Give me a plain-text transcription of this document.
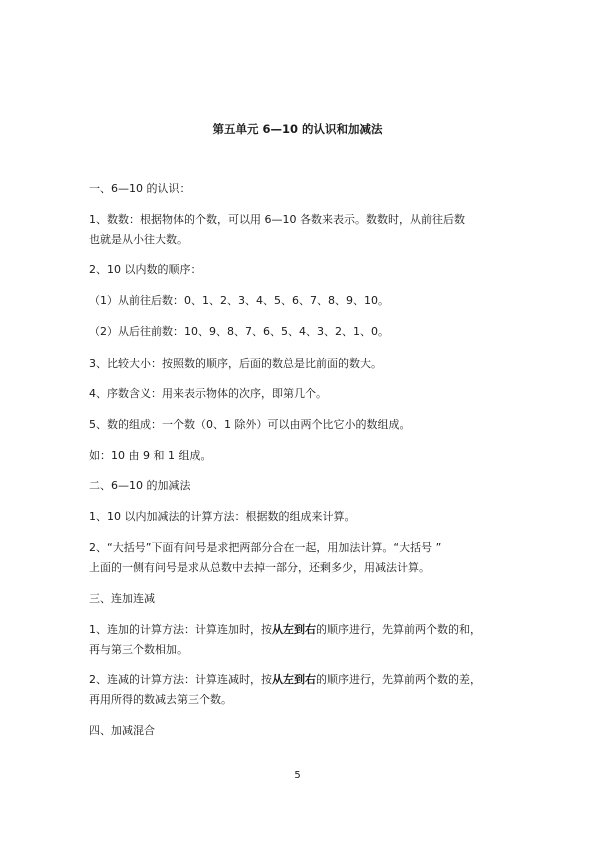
第五单元 6—10 的认识和加减法

一、6—10 的认识：

1、数数：根据物体的个数，可以用 6—10 各数来表示。数数时，从前往后数

也就是从小往大数。

2、10 以内数的顺序：

（1）从前往后数：0、1、2、3、4、5、6、7、8、9、10。

（2）从后往前数：10、9、8、7、6、5、4、3、2、1、0。

3、比较大小：按照数的顺序，后面的数总是比前面的数大。

4、序数含义：用来表示物体的次序，即第几个。

5、数的组成：一个数（0、1 除外）可以由两个比它小的数组成。

如：10 由 9 和 1 组成。

二、6—10 的加减法

1、10 以内加减法的计算方法：根据数的组成来计算。

2、“大括号”下面有问号是求把两部分合在一起，用加法计算。“大括号 ”

上面的一侧有问号是求从总数中去掉一部分，还剩多少，用减法计算。

三、连加连减

1、连加的计算方法：计算连加时，按从左到右的顺序进行，先算前两个数的和，

再与第三个数相加。

2、连减的计算方法：计算连减时，按从左到右的顺序进行，先算前两个数的差，

再用所得的数减去第三个数。

四、加减混合

5
